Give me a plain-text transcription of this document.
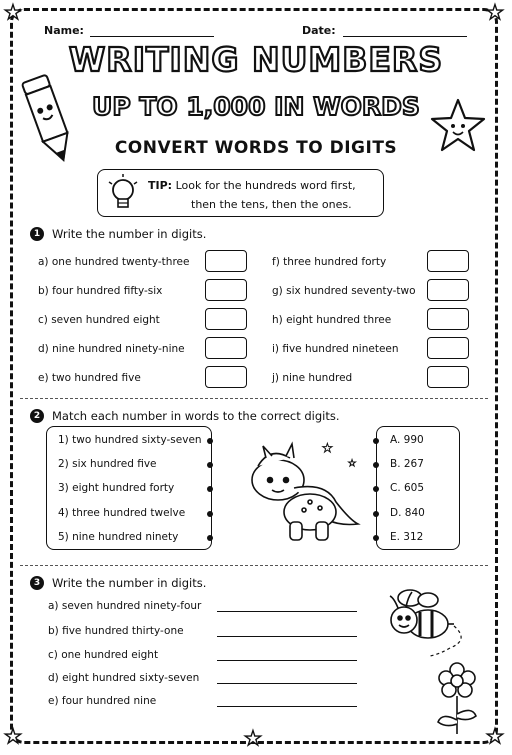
★	★
★	★	★
Name:	Date:
WRITING NUMBERS
UP TO 1,000 IN WORDS
CONVERT WORDS TO DIGITS
TIP: Look for the hundreds word first,
then the tens, then the ones.
1	Write the number in digits.
a) one hundred twenty-three
b) four hundred fifty-six
c) seven hundred eight
d) nine hundred ninety-nine
e) two hundred five
f) three hundred forty
g) six hundred seventy-two
h) eight hundred three
i) five hundred nineteen
j) nine hundred
2	Match each number in words to the correct digits.
1) two hundred sixty-seven
2) six hundred five
3) eight hundred forty
4) three hundred twelve
5) nine hundred ninety
A. 990
B. 267
C. 605
D. 840
E. 312
★
★
3	Write the number in digits.
a) seven hundred ninety-four
b) five hundred thirty-one
c) one hundred eight
d) eight hundred sixty-seven
e) four hundred nine
